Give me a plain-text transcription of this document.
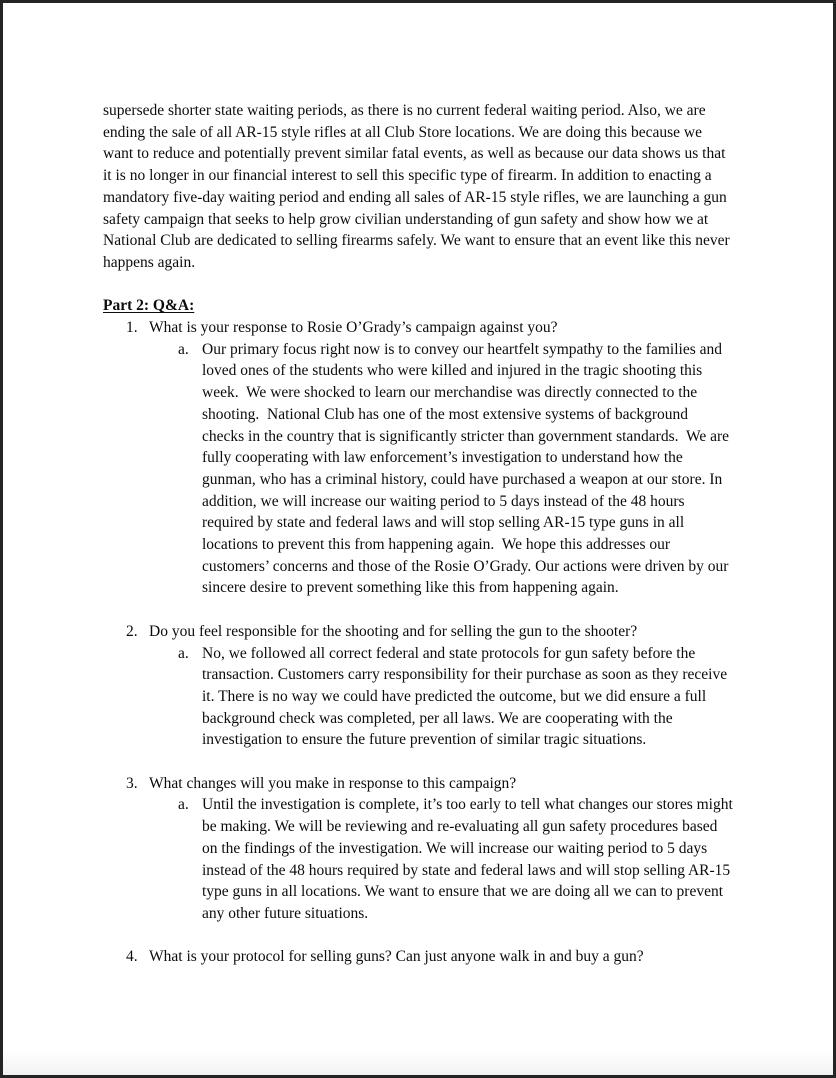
supersede shorter state waiting periods, as there is no current federal waiting period. Also, we are ending the sale of all AR-15 style rifles at all Club Store locations. We are doing this because we want to reduce and potentially prevent similar fatal events, as well as because our data shows us that it is no longer in our financial interest to sell this specific type of firearm. In addition to enacting a mandatory five-day waiting period and ending all sales of AR-15 style rifles, we are launching a gun safety campaign that seeks to help grow civilian understanding of gun safety and show how we at National Club are dedicated to selling firearms safely. We want to ensure that an event like this never happens again.

Part 2: Q&A:
1. What is your response to Rosie O’Grady’s campaign against you?
a. Our primary focus right now is to convey our heartfelt sympathy to the families and loved ones of the students who were killed and injured in the tragic shooting this week.  We were shocked to learn our merchandise was directly connected to the shooting.  National Club has one of the most extensive systems of background checks in the country that is significantly stricter than government standards.  We are fully cooperating with law enforcement’s investigation to understand how the gunman, who has a criminal history, could have purchased a weapon at our store. In addition, we will increase our waiting period to 5 days instead of the 48 hours required by state and federal laws and will stop selling AR-15 type guns in all locations to prevent this from happening again.  We hope this addresses our customers’ concerns and those of the Rosie O’Grady. Our actions were driven by our sincere desire to prevent something like this from happening again.
2. Do you feel responsible for the shooting and for selling the gun to the shooter?
a. No, we followed all correct federal and state protocols for gun safety before the transaction. Customers carry responsibility for their purchase as soon as they receive it. There is no way we could have predicted the outcome, but we did ensure a full background check was completed, per all laws. We are cooperating with the investigation to ensure the future prevention of similar tragic situations.
3. What changes will you make in response to this campaign?
a. Until the investigation is complete, it’s too early to tell what changes our stores might be making. We will be reviewing and re-evaluating all gun safety procedures based on the findings of the investigation. We will increase our waiting period to 5 days instead of the 48 hours required by state and federal laws and will stop selling AR-15 type guns in all locations. We want to ensure that we are doing all we can to prevent any other future situations.
4. What is your protocol for selling guns? Can just anyone walk in and buy a gun?
